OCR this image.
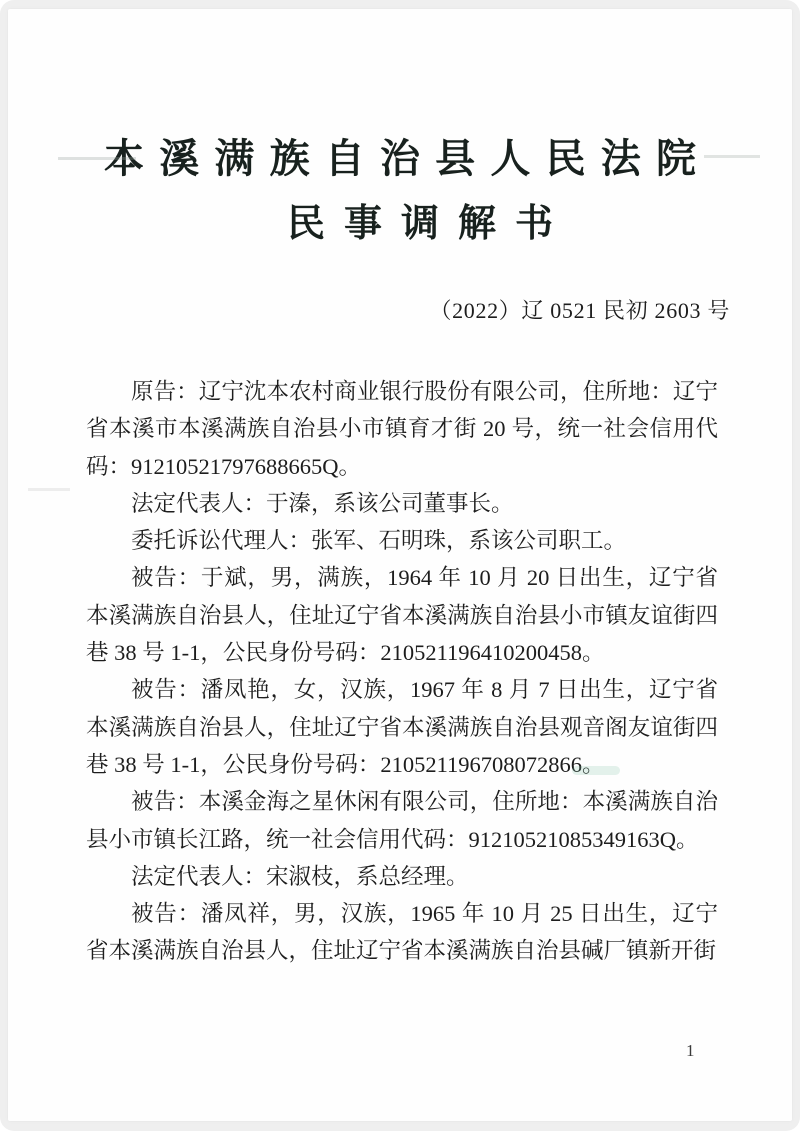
本溪满族自治县人民法院
民事调解书
（2022）辽 0521 民初 2603 号

原告：辽宁沈本农村商业银行股份有限公司，住所地：辽宁省本溪市本溪满族自治县小市镇育才街 20 号，统一社会信用代码：91210521797688665Q。

法定代表人：于溱，系该公司董事长。

委托诉讼代理人：张军、石明珠，系该公司职工。

被告：于斌，男，满族，1964 年 10 月 20 日出生，辽宁省本溪满族自治县人，住址辽宁省本溪满族自治县小市镇友谊街四巷 38 号 1-1，公民身份号码：210521196410200458。

被告：潘凤艳，女，汉族，1967 年 8 月 7 日出生，辽宁省本溪满族自治县人，住址辽宁省本溪满族自治县观音阁友谊街四巷 38 号 1-1，公民身份号码：210521196708072866。

被告：本溪金海之星休闲有限公司，住所地：本溪满族自治县小市镇长江路，统一社会信用代码：91210521085349163Q。

法定代表人：宋淑枝，系总经理。

被告：潘凤祥，男，汉族，1965 年 10 月 25 日出生，辽宁省本溪满族自治县人，住址辽宁省本溪满族自治县碱厂镇新开街

1
